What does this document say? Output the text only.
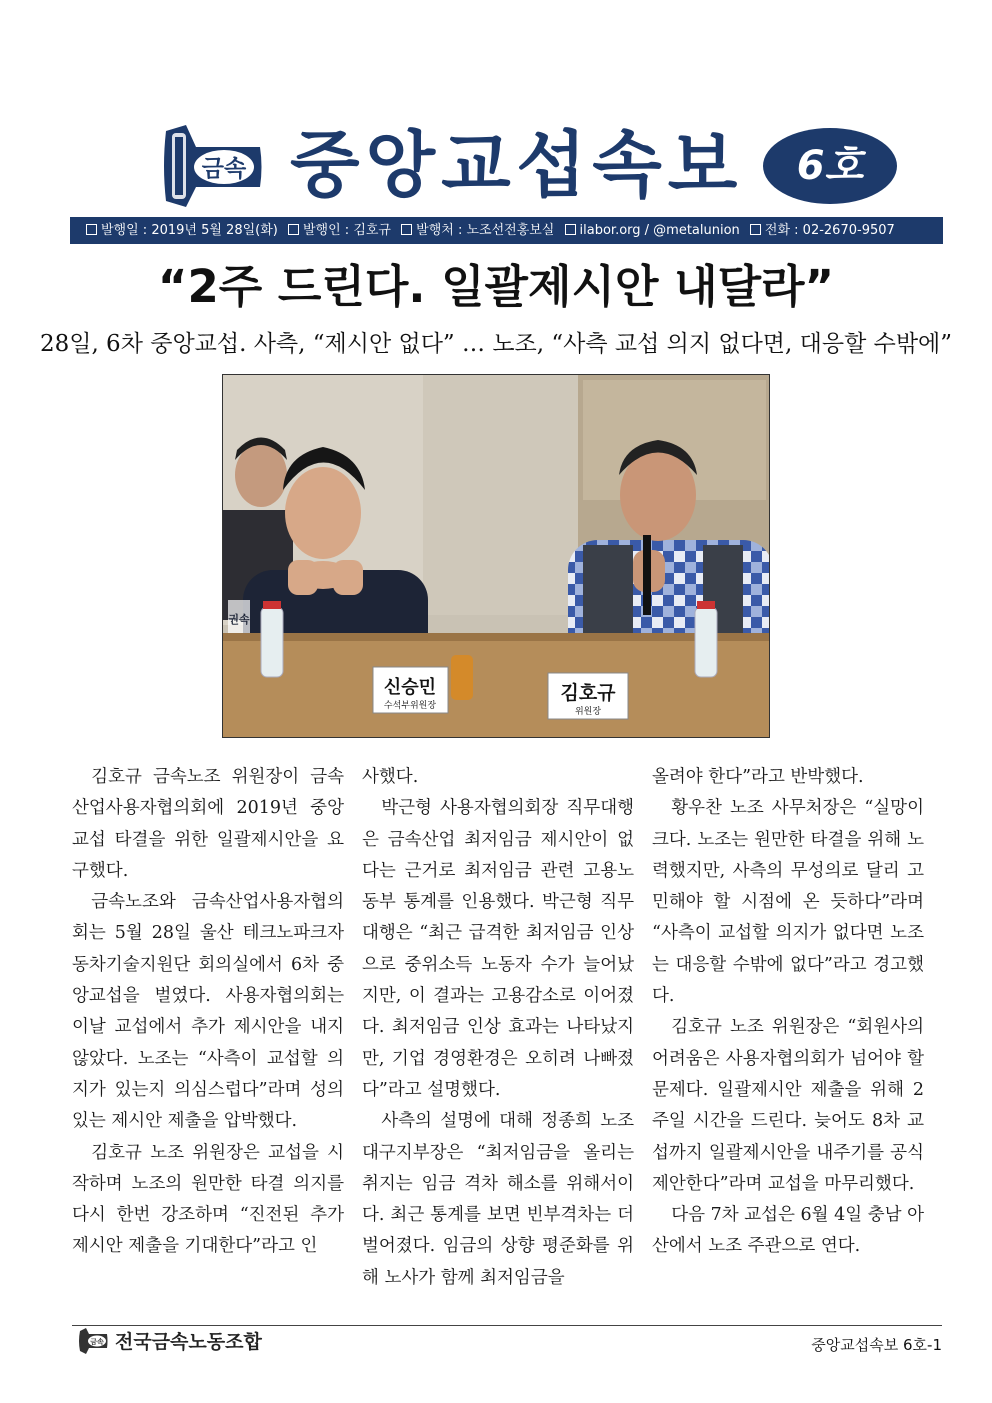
금속 중앙교섭속보	6호
발행일 : 2019년 5월 28일(화) 발행인 : 김호규 발행처 : 노조선전홍보실 ilabor.org / @metalunion 전화 : 02-2670-9507
“2주 드린다. 일괄제시안 내달라”
28일, 6차 중앙교섭. 사측, “제시안 없다” … 노조, “사측 교섭 의지 없다면, 대응할 수밖에”
권속
신승민
수석부위원장
김호규
위원장

김호규 금속노조 위원장이 금속산업사용자협의회에 2019년 중앙교섭 타결을 위한 일괄제시안을 요구했다.

금속노조와 금속산업사용자협의회는 5월 28일 울산 테크노파크자동차기술지원단 회의실에서 6차 중앙교섭을 벌였다. 사용자협의회는 이날 교섭에서 추가 제시안을 내지 않았다. 노조는 “사측이 교섭할 의지가 있는지 의심스럽다”라며 성의 있는 제시안 제출을 압박했다.

김호규 노조 위원장은 교섭을 시작하며 노조의 원만한 타결 의지를 다시 한번 강조하며 “진전된 추가 제시안 제출을 기대한다”라고 인

사했다.

박근형 사용자협의회장 직무대행은 금속산업 최저임금 제시안이 없다는 근거로 최저임금 관련 고용노동부 통계를 인용했다. 박근형 직무대행은 “최근 급격한 최저임금 인상으로 중위소득 노동자 수가 늘어났지만, 이 결과는 고용감소로 이어졌다. 최저임금 인상 효과는 나타났지만, 기업 경영환경은 오히려 나빠졌다”라고 설명했다.

사측의 설명에 대해 정종희 노조 대구지부장은 “최저임금을 올리는 취지는 임금 격차 해소를 위해서이다. 최근 통계를 보면 빈부격차는 더 벌어졌다. 임금의 상향 평준화를 위해 노사가 함께 최저임금을

올려야 한다”라고 반박했다.

황우찬 노조 사무처장은 “실망이 크다. 노조는 원만한 타결을 위해 노력했지만, 사측의 무성의로 달리 고민해야 할 시점에 온 듯하다”라며 “사측이 교섭할 의지가 없다면 노조는 대응할 수밖에 없다”라고 경고했다.

김호규 노조 위원장은 “회원사의 어려움은 사용자협의회가 넘어야 할 문제다. 일괄제시안 제출을 위해 2주일 시간을 드린다. 늦어도 8차 교섭까지 일괄제시안을 내주기를 공식 제안한다”라며 교섭을 마무리했다.

다음 7차 교섭은 6월 4일 충남 아산에서 노조 주관으로 연다.

금속 전국금속노동조합	중앙교섭속보 6호-1
